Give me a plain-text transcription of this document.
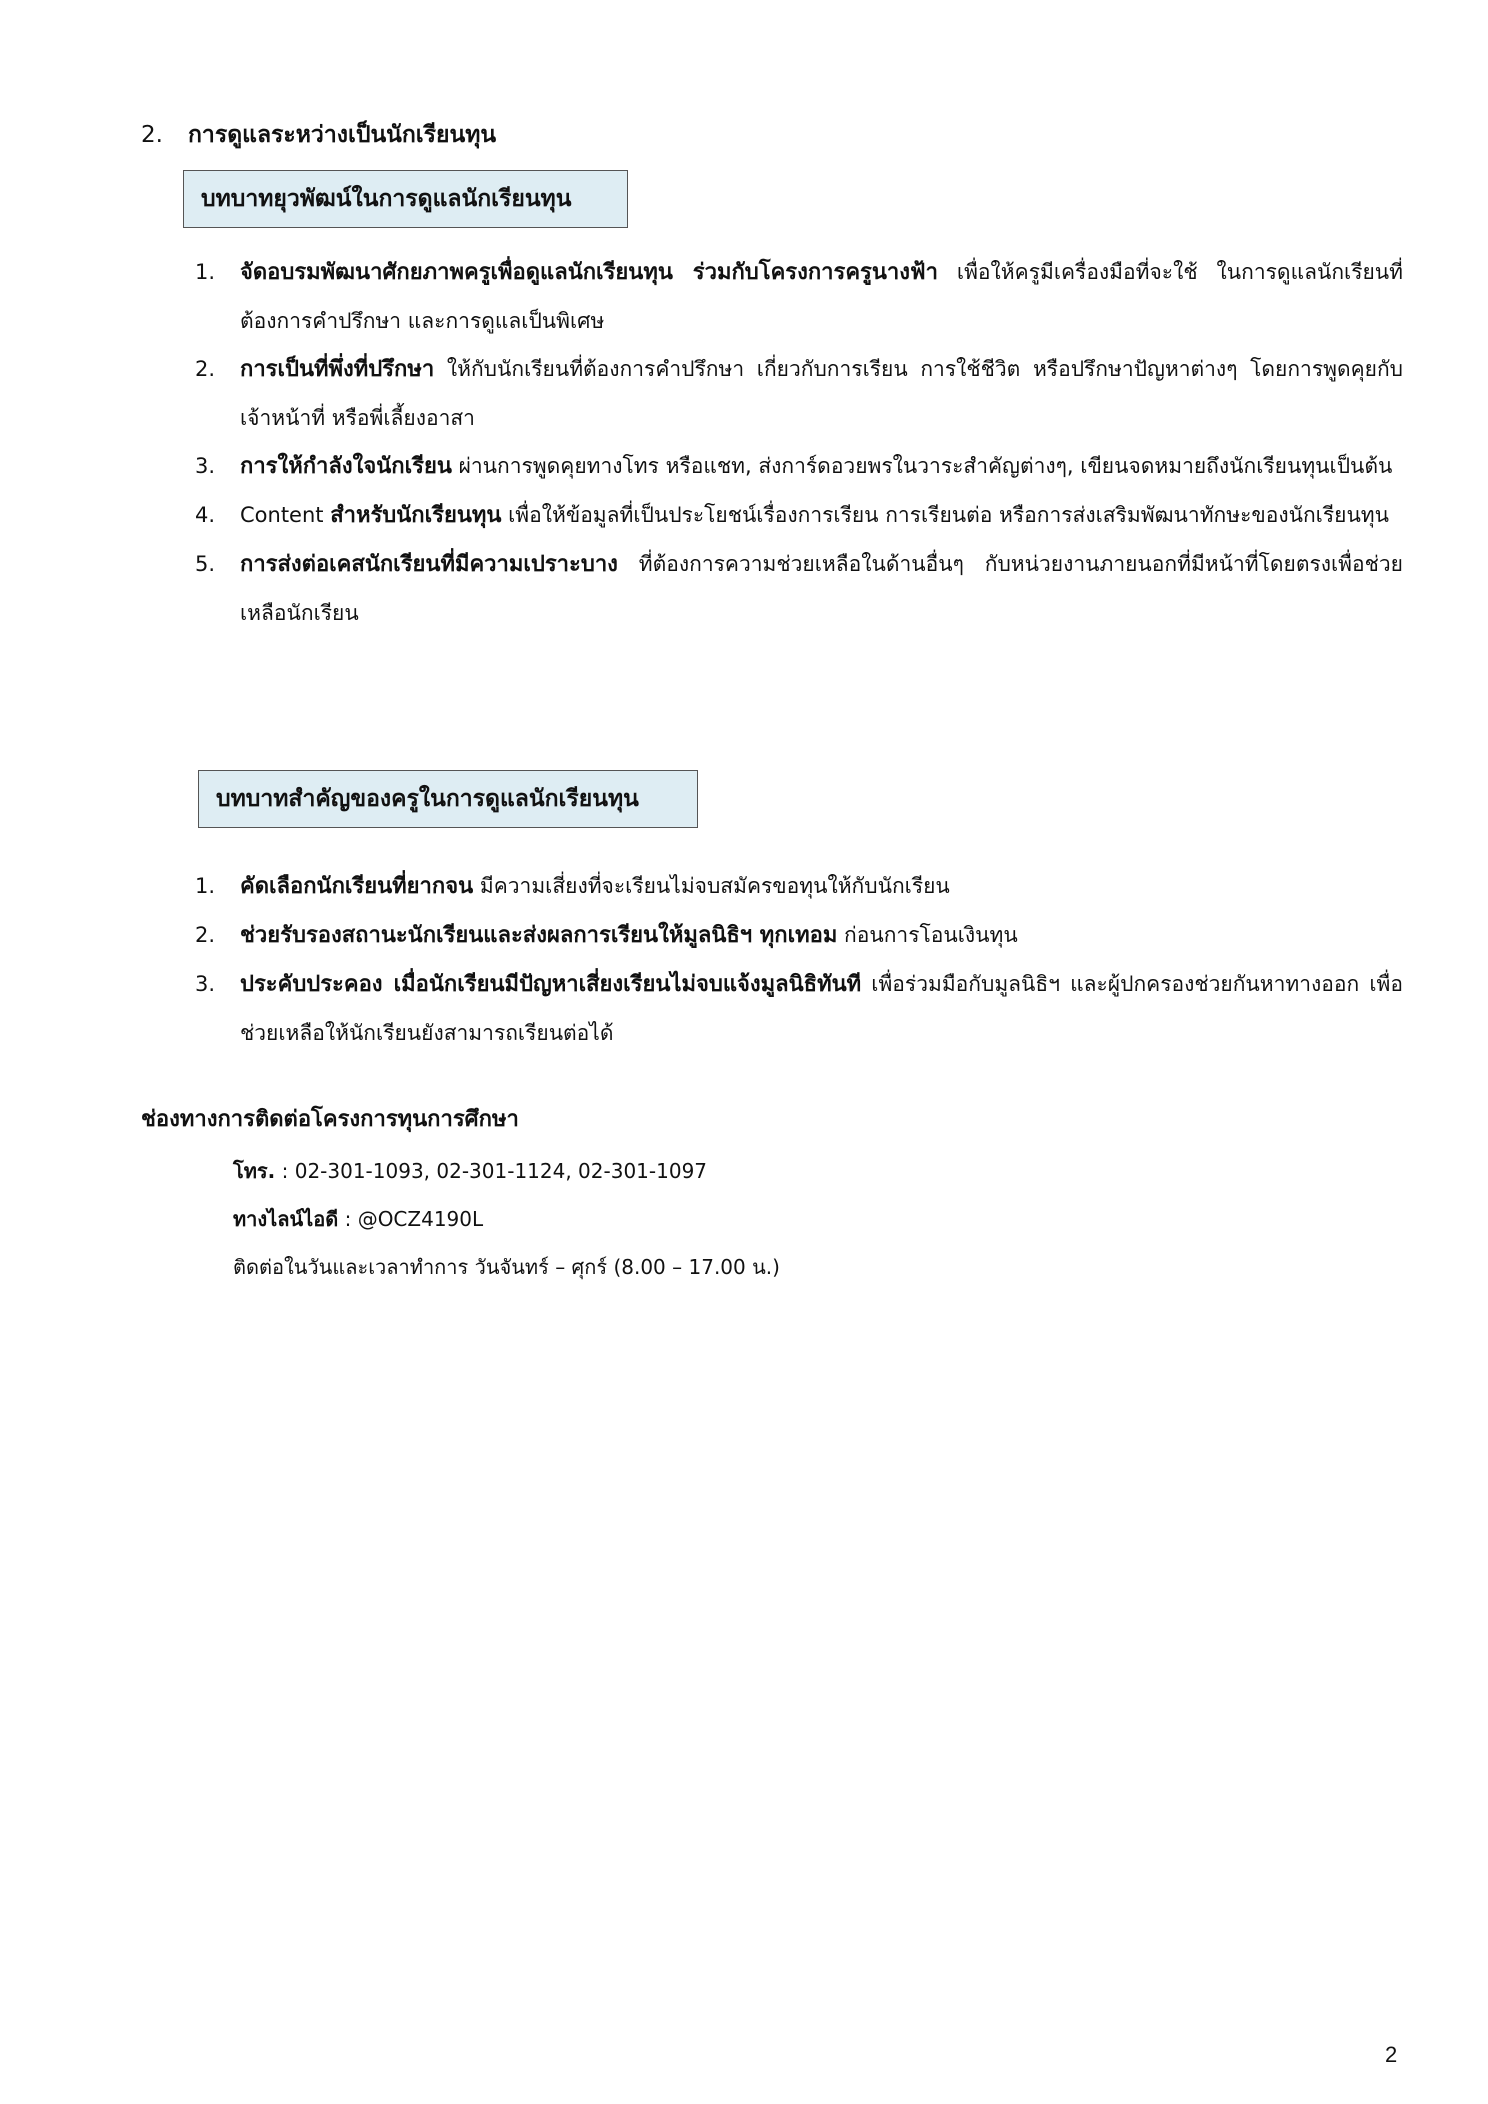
2. การดูแลระหว่างเป็นนักเรียนทุน
บทบาทยุวพัฒน์ในการดูแลนักเรียนทุน
1. จัดอบรมพัฒนาศักยภาพครูเพื่อดูแลนักเรียนทุน ร่วมกับโครงการครูนางฟ้า เพื่อให้ครูมีเครื่องมือที่จะใช้ ในการดูแลนักเรียนที่ต้องการคำปรึกษา และการดูแลเป็นพิเศษ
2. การเป็นที่พึ่งที่ปรึกษา ให้กับนักเรียนที่ต้องการคำปรึกษา เกี่ยวกับการเรียน การใช้ชีวิต หรือปรึกษาปัญหาต่างๆ โดยการพูดคุยกับเจ้าหน้าที่ หรือพี่เลี้ยงอาสา
3. การให้กำลังใจนักเรียน ผ่านการพูดคุยทางโทร หรือแชท, ส่งการ์ดอวยพรในวาระสำคัญต่างๆ, เขียนจดหมายถึงนักเรียนทุนเป็นต้น
4. Content สำหรับนักเรียนทุน เพื่อให้ข้อมูลที่เป็นประโยชน์เรื่องการเรียน การเรียนต่อ หรือการส่งเสริมพัฒนาทักษะของนักเรียนทุน
5. การส่งต่อเคสนักเรียนที่มีความเปราะบาง ที่ต้องการความช่วยเหลือในด้านอื่นๆ กับหน่วยงานภายนอกที่มีหน้าที่โดยตรงเพื่อช่วยเหลือนักเรียน
บทบาทสำคัญของครูในการดูแลนักเรียนทุน
1. คัดเลือกนักเรียนที่ยากจน มีความเสี่ยงที่จะเรียนไม่จบสมัครขอทุนให้กับนักเรียน
2. ช่วยรับรองสถานะนักเรียนและส่งผลการเรียนให้มูลนิธิฯ ทุกเทอม ก่อนการโอนเงินทุน
3. ประคับประคอง เมื่อนักเรียนมีปัญหาเสี่ยงเรียนไม่จบแจ้งมูลนิธิทันที เพื่อร่วมมือกับมูลนิธิฯ และผู้ปกครองช่วยกันหาทางออก เพื่อช่วยเหลือให้นักเรียนยังสามารถเรียนต่อได้
ช่องทางการติดต่อโครงการทุนการศึกษา
โทร. : 02-301-1093, 02-301-1124, 02-301-1097
ทางไลน์ไอดี : @OCZ4190L
ติดต่อในวันและเวลาทำการ วันจันทร์ – ศุกร์ (8.00 – 17.00 น.)
2
